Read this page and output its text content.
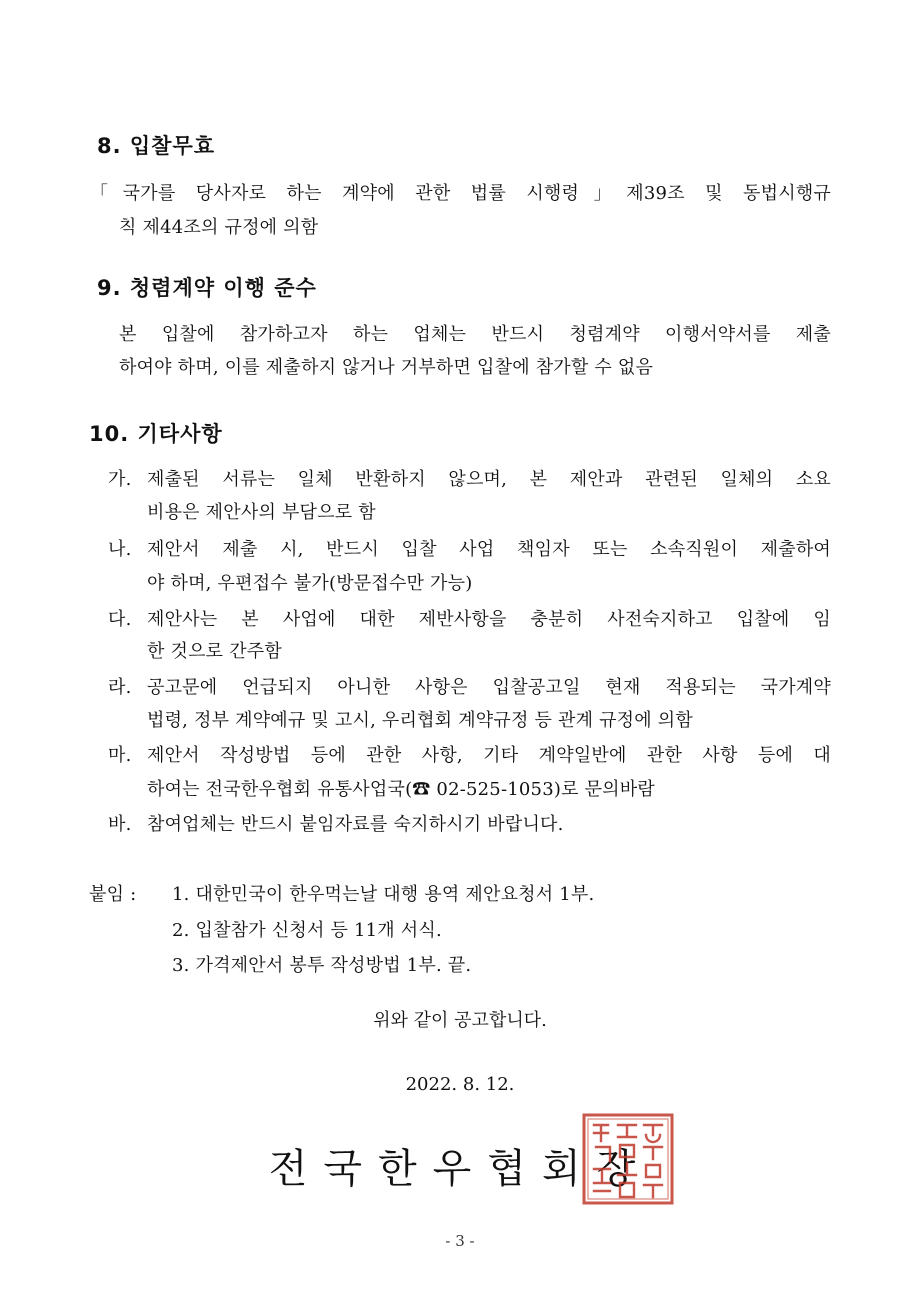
8. 입찰무효
「국가를 당사자로 하는 계약에 관한 법률 시행령」제39조 및 동법시행규
칙 제44조의 규정에 의함
9. 청렴계약 이행 준수
본 입찰에 참가하고자 하는 업체는 반드시 청렴계약 이행서약서를 제출
하여야 하며, 이를 제출하지 않거나 거부하면 입찰에 참가할 수 없음
10. 기타사항
가. 제출된 서류는 일체 반환하지 않으며, 본 제안과 관련된 일체의 소요
비용은 제안사의 부담으로 함
나. 제안서 제출 시, 반드시 입찰 사업 책임자 또는 소속직원이 제출하여
야 하며, 우편접수 불가(방문접수만 가능)
다. 제안사는 본 사업에 대한 제반사항을 충분히 사전숙지하고 입찰에 임
한 것으로 간주함
라. 공고문에 언급되지 아니한 사항은 입찰공고일 현재 적용되는 국가계약
법령, 정부 계약예규 및 고시, 우리협회 계약규정 등 관계 규정에 의함
마. 제안서 작성방법 등에 관한 사항, 기타 계약일반에 관한 사항 등에 대
하여는 전국한우협회 유통사업국(☎ 02-525-1053)로 문의바람
바. 참여업체는 반드시 붙임자료를 숙지하시기 바랍니다.
붙임 : 1. 대한민국이 한우먹는날 대행 용역 제안요청서 1부.
2. 입찰참가 신청서 등 11개 서식.
3. 가격제안서 봉투 작성방법 1부. 끝.
위와 같이 공고합니다.
2022. 8. 12.
전국한우협회장
- 3 -
